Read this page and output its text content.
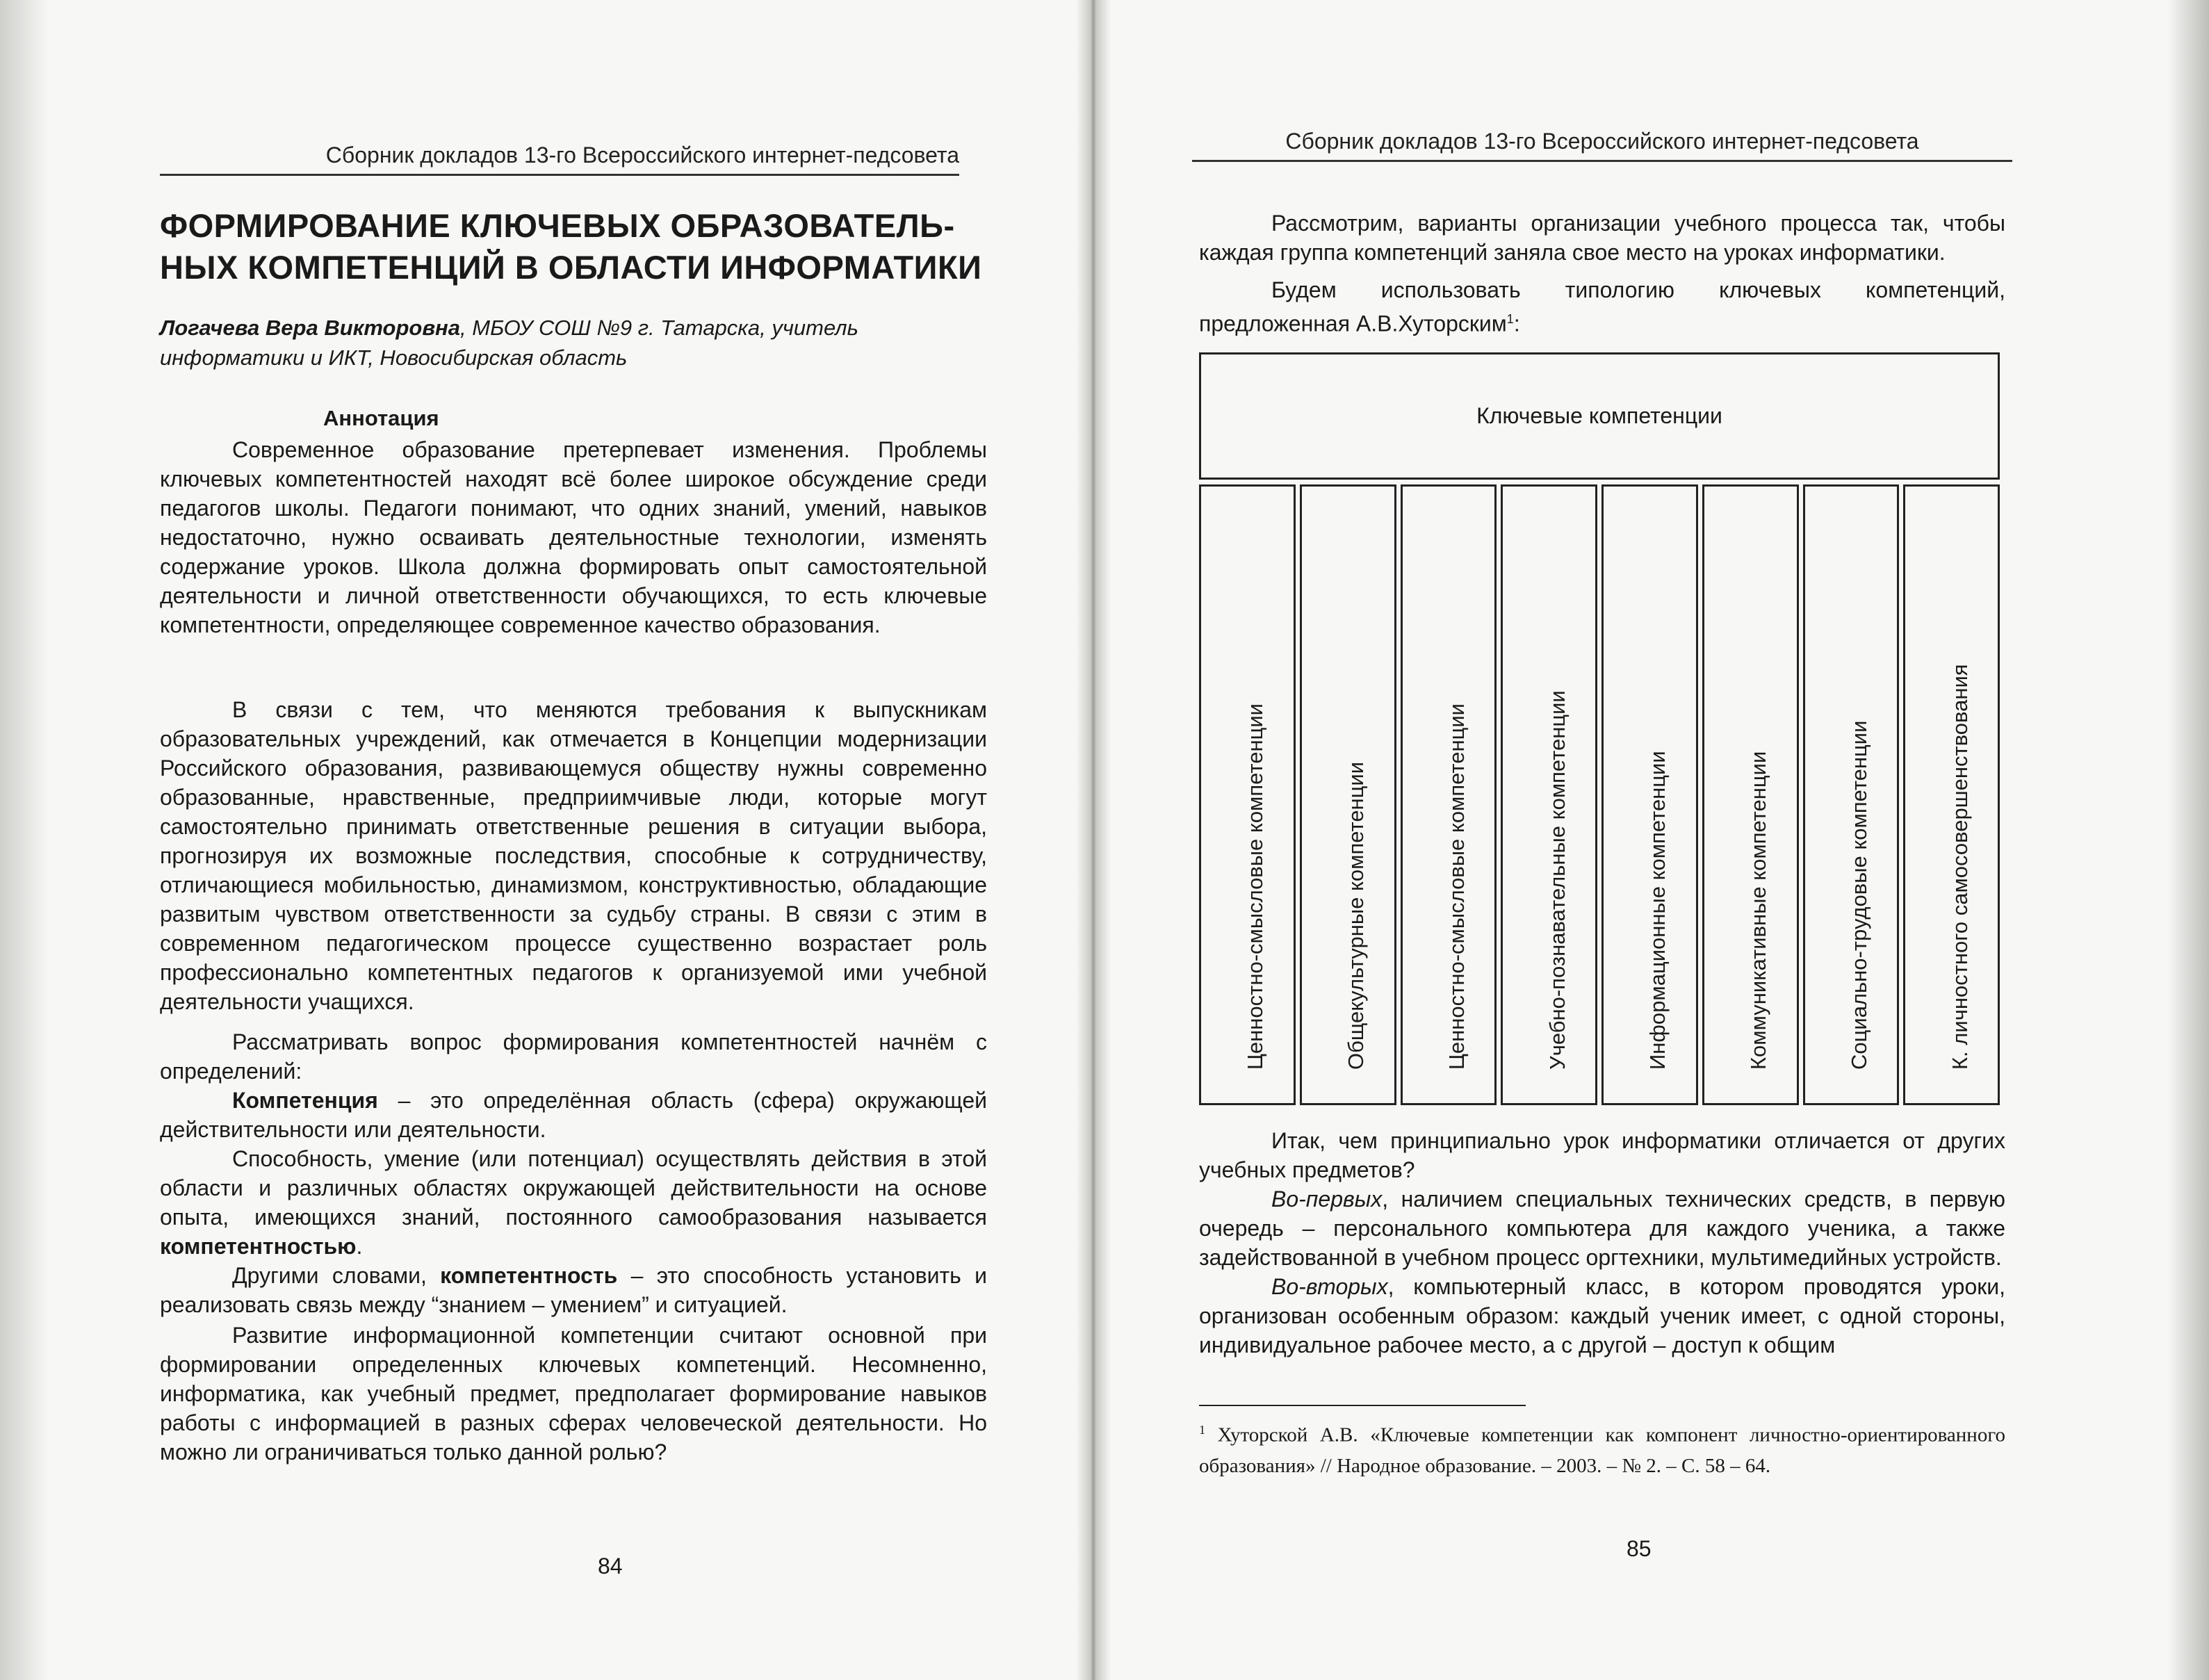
Сборник докладов 13-го Всероссийского интернет-педсовета
ФОРМИРОВАНИЕ КЛЮЧЕВЫХ ОБРАЗОВАТЕЛЬ-НЫХ КОМПЕТЕНЦИЙ В ОБЛАСТИ ИНФОРМАТИКИ
Логачева Вера Викторовна, МБОУ СОШ №9 г. Татарска, учитель информатики и ИКТ, Новосибирская область
Аннотация

Современное образование претерпевает изменения. Проблемы ключевых компетентностей находят всё более широкое обсуждение среди педагогов школы. Педагоги понимают, что одних знаний, умений, навыков недостаточно, нужно осваивать деятельностные технологии, изменять содержание уроков. Школа должна формировать опыт самостоятельной деятельности и личной ответственности обучающихся, то есть ключевые компетентности, определяющее современное качество образования.

В связи с тем, что меняются требования к выпускникам образовательных учреждений, как отмечается в Концепции модернизации Российского образования, развивающемуся обществу нужны современно образованные, нравственные, предприимчивые люди, которые могут самостоятельно принимать ответственные решения в ситуации выбора, прогнозируя их возможные последствия, способные к сотрудничеству, отличающиеся мобильностью, динамизмом, конструктивностью, обладающие развитым чувством ответственности за судьбу страны. В связи с этим в современном педагогическом процессе существенно возрастает роль профессионально компетентных педагогов к организуемой ими учебной деятельности учащихся.

Рассматривать вопрос формирования компетентностей начнём с определений:

Компетенция – это определённая область (сфера) окружающей действительности или деятельности.

Способность, умение (или потенциал) осуществлять действия в этой области и различных областях окружающей действительности на основе опыта, имеющихся знаний, постоянного самообразования называется компетентностью.

Другими словами, компетентность – это способность установить и реализовать связь между “знанием – умением” и ситуацией.

Развитие информационной компетенции считают основной при формировании определенных ключевых компетенций. Несомненно, информатика, как учебный предмет, предполагает формирование навыков работы с информацией в разных сферах человеческой деятельности. Но можно ли ограничиваться только данной ролью?

84
Сборник докладов 13-го Всероссийского интернет-педсовета

Рассмотрим, варианты организации учебного процесса так, чтобы каждая группа компетенций заняла свое место на уроках информатики.

Будем использовать типологию ключевых компетенций, предложенная А.В.Хуторским$^1$:

Ключевые компетенции
Ценностно-смысловые компетенции	Общекультурные компетенции	Ценностно-смысловые компетенции	Учебно-познавательные компетенции	Информационные компетенции	Коммуникативные компетенции	Социально-трудовые компетенции	К. личностного самосовершенствования

Итак, чем принципиально урок информатики отличается от других учебных предметов?

Во-первых, наличием специальных технических средств, в первую очередь – персонального компьютера для каждого ученика, а также задействованной в учебном процесс оргтехники, мультимедийных устройств.

Во-вторых, компьютерный класс, в котором проводятся уроки, организован особенным образом: каждый ученик имеет, с одной стороны, индивидуальное рабочее место, а с другой – доступ к общим

$^1$ Хуторской А.В. «Ключевые компетенции как компонент личностно-ориентированного образования» // Народное образование. – 2003. – № 2. – С. 58 – 64.
85
